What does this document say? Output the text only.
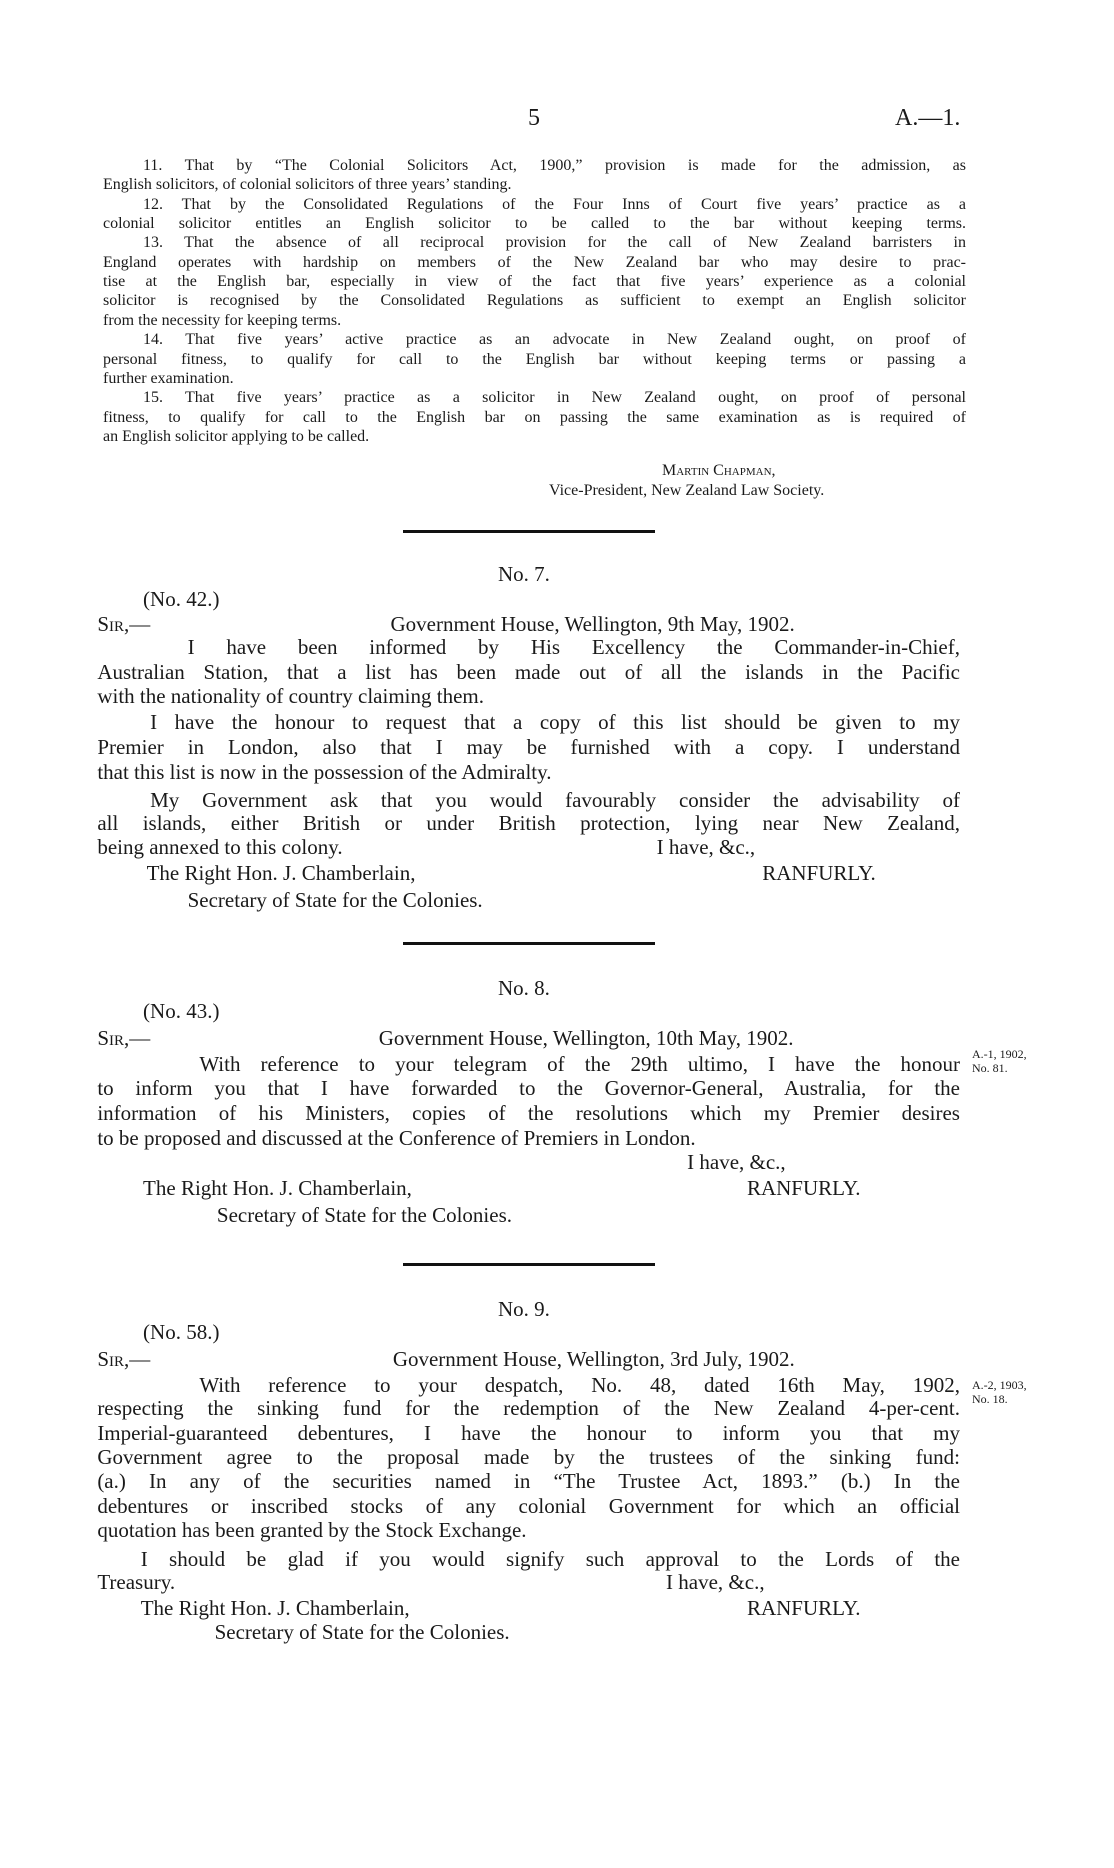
5	A.—1.
11. That by “The Colonial Solicitors Act, 1900,” provision is made for the admission, as
English solicitors, of colonial solicitors of three years’ standing.
12. That by the Consolidated Regulations of the Four Inns of Court five years’ practice as a
colonial solicitor entitles an English solicitor to be called to the bar without keeping terms.
13. That the absence of all reciprocal provision for the call of New Zealand barristers in
England operates with hardship on members of the New Zealand bar who may desire to prac-
tise at the English bar, especially in view of the fact that five years’ experience as a colonial
solicitor is recognised by the Consolidated Regulations as sufficient to exempt an English solicitor
from the necessity for keeping terms.
14. That five years’ active practice as an advocate in New Zealand ought, on proof of
personal fitness, to qualify for call to the English bar without keeping terms or passing a
further examination.
15. That five years’ practice as a solicitor in New Zealand ought, on proof of personal
fitness, to qualify for call to the English bar on passing the same examination as is required of
an English solicitor applying to be called.
Martin Chapman,
Vice-President, New Zealand Law Society.
No. 7.
(No. 42.)
Sir,—	Government House, Wellington, 9th May, 1902.
I have been informed by His Excellency the Commander-in-Chief,
Australian Station, that a list has been made out of all the islands in the Pacific
with the nationality of country claiming them.
I have the honour to request that a copy of this list should be given to my
Premier in London, also that I may be furnished with a copy. I understand
that this list is now in the possession of the Admiralty.
My Government ask that you would favourably consider the advisability of
all islands, either British or under British protection, lying near New Zealand,
being annexed to this colony.	I have, &c.,
The Right Hon. J. Chamberlain,	RANFURLY.
Secretary of State for the Colonies.
No. 8.
(No. 43.)
Sir,—	Government House, Wellington, 10th May, 1902.
With reference to your telegram of the 29th ultimo, I have the honour
to inform you that I have forwarded to the Governor-General, Australia, for the
information of his Ministers, copies of the resolutions which my Premier desires
to be proposed and discussed at the Conference of Premiers in London.
I have, &c.,
The Right Hon. J. Chamberlain,	RANFURLY.
Secretary of State for the Colonies.
A.-1, 1902,
No. 81.
No. 9.
(No. 58.)
Sir,—	Government House, Wellington, 3rd July, 1902.
With reference to your despatch, No. 48, dated 16th May, 1902,
respecting the sinking fund for the redemption of the New Zealand 4-per-cent.
Imperial-guaranteed debentures, I have the honour to inform you that my
Government agree to the proposal made by the trustees of the sinking fund:
(a.) In any of the securities named in “The Trustee Act, 1893.” (b.) In the
debentures or inscribed stocks of any colonial Government for which an official
quotation has been granted by the Stock Exchange.
I should be glad if you would signify such approval to the Lords of the
Treasury.	I have, &c.,
The Right Hon. J. Chamberlain,	RANFURLY.
Secretary of State for the Colonies.
A.-2, 1903,
No. 18.
